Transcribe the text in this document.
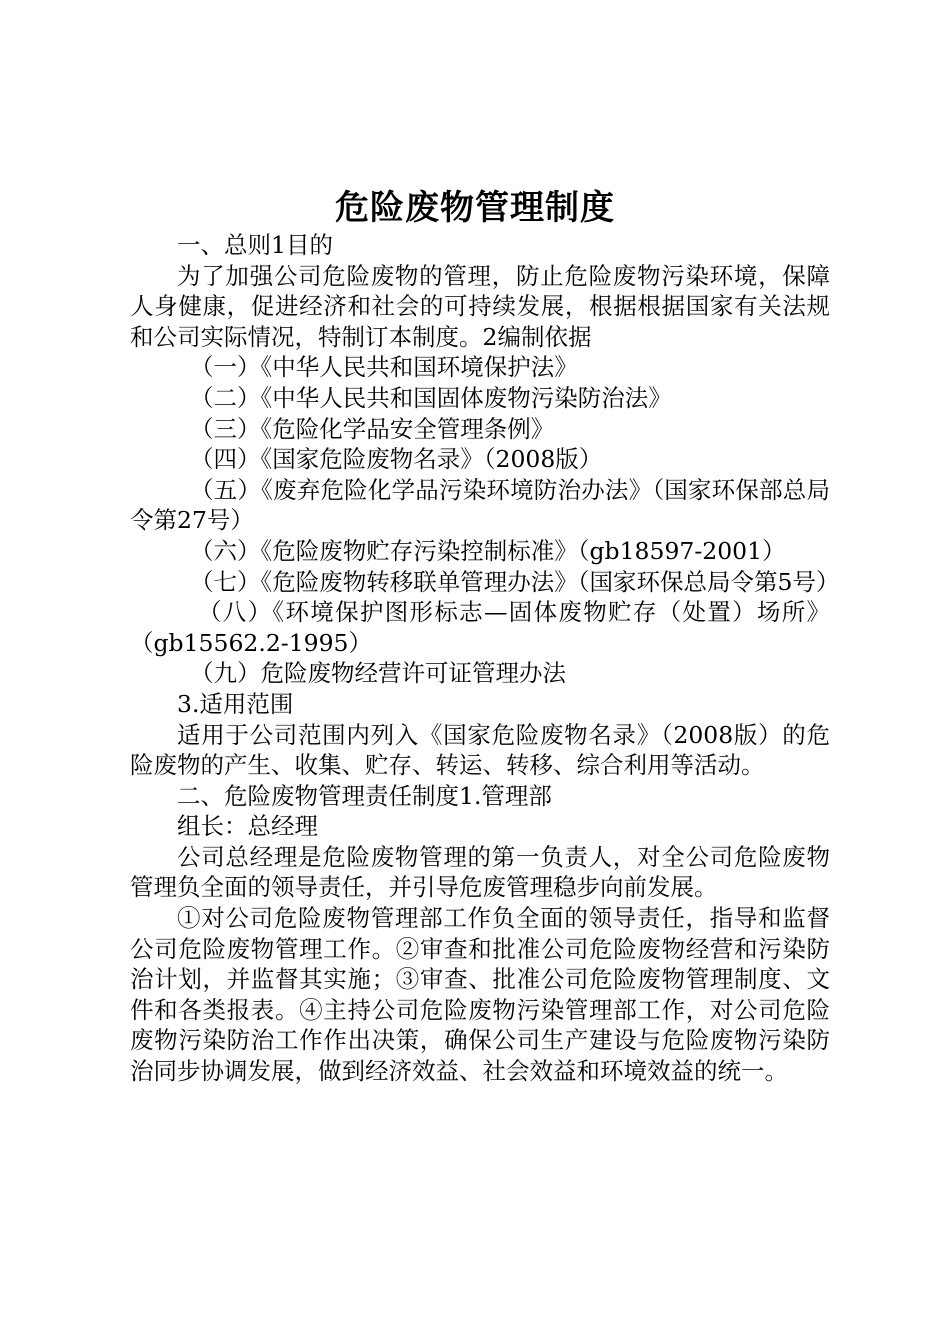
危险废物管理制度

一、总则1目的

为了加强公司危险废物的管理，防止危险废物污染环境，保障人身健康，促进经济和社会的可持续发展，根据根据国家有关法规和公司实际情况，特制订本制度。2编制依据

（一）《中华人民共和国环境保护法》

（二）《中华人民共和国固体废物污染防治法》

（三）《危险化学品安全管理条例》

（四）《国家危险废物名录》（2008版）

（五）《废弃危险化学品污染环境防治办法》（国家环保部总局令第27号）

（六）《危险废物贮存污染控制标准》（gb18597-2001）

（七）《危险废物转移联单管理办法》（国家环保总局令第5号）

（八）《环境保护图形标志—固体废物贮存（处置）场所》（gb15562.2-1995）

（九）危险废物经营许可证管理办法

3.适用范围

适用于公司范围内列入《国家危险废物名录》（2008版）的危险废物的产生、收集、贮存、转运、转移、综合利用等活动。

二、危险废物管理责任制度1.管理部

组长：总经理

公司总经理是危险废物管理的第一负责人，对全公司危险废物管理负全面的领导责任，并引导危废管理稳步向前发展。

①对公司危险废物管理部工作负全面的领导责任，指导和监督公司危险废物管理工作。②审查和批准公司危险废物经营和污染防治计划，并监督其实施；③审查、批准公司危险废物管理制度、文件和各类报表。④主持公司危险废物污染管理部工作，对公司危险废物污染防治工作作出决策，确保公司生产建设与危险废物污染防治同步协调发展，做到经济效益、社会效益和环境效益的统一。
